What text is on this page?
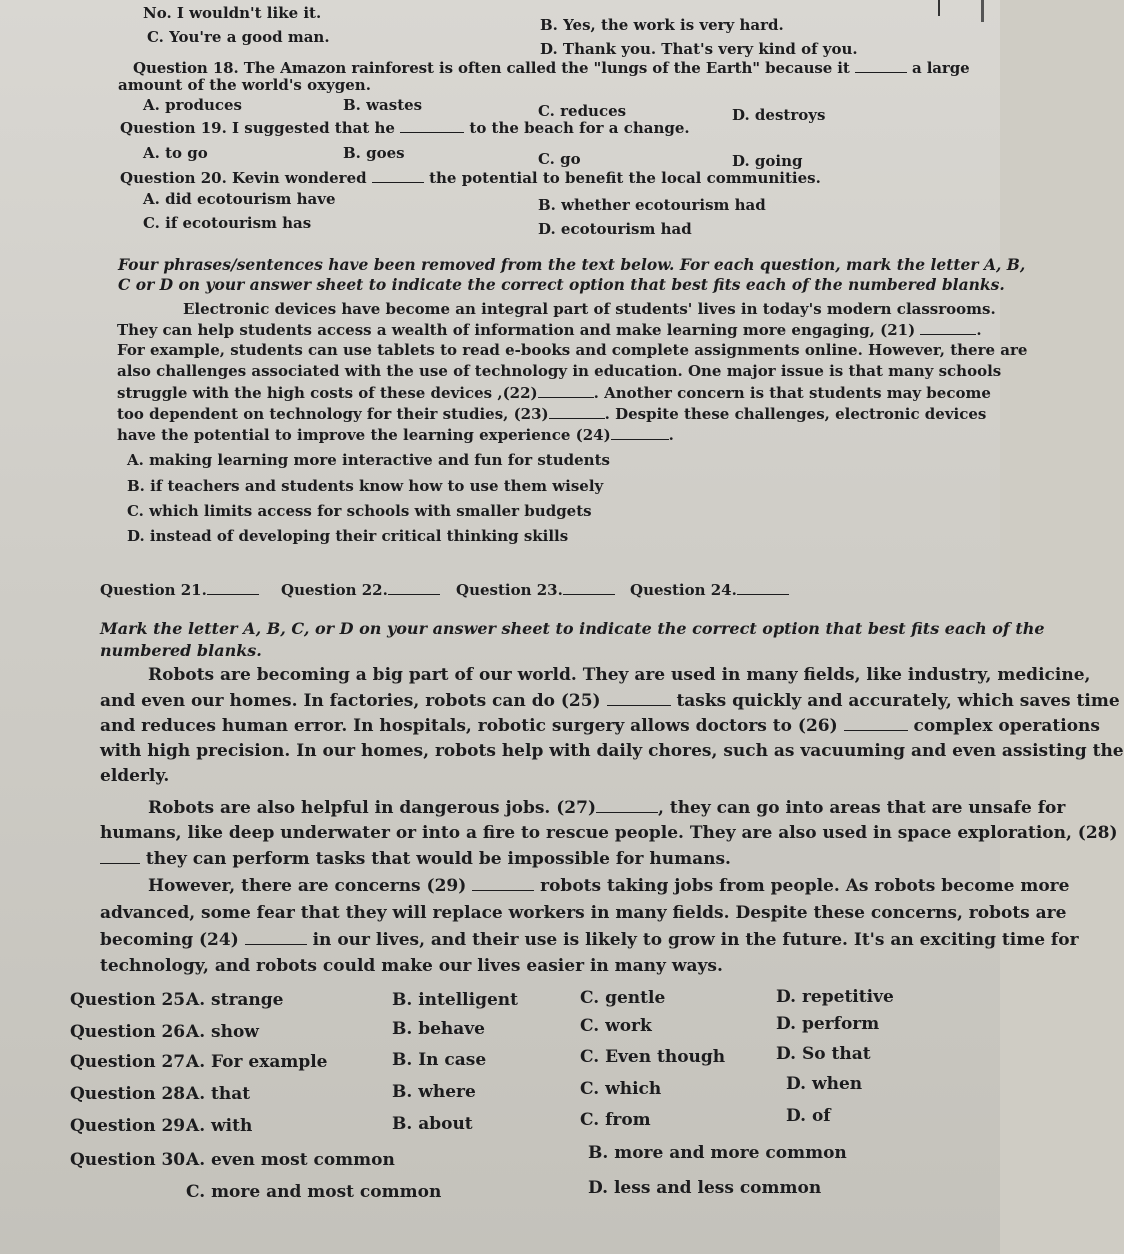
No. I wouldn't like it.
B. Yes, the work is very hard.
C. You're a good man.
D. Thank you. That's very kind of you.
Question 18. The Amazon rainforest is often called the "lungs of the Earth" because it	a large
amount of the world's oxygen.
A. produces	B. wastes	C. reduces	D. destroys
Question 19. I suggested that he	to the beach for a change.
A. to go	B. goes	C. go	D. going
Question 20. Kevin wondered	the potential to benefit the local communities.
A. did ecotourism have	B. whether ecotourism had
C. if ecotourism has	D. ecotourism had
Four phrases/sentences have been removed from the text below. For each question, mark the letter A, B,
C or D on your answer sheet to indicate the correct option that best fits each of the numbered blanks.
Electronic devices have become an integral part of students' lives in today's modern classrooms.
They can help students access a wealth of information and make learning more engaging, (21)	.
For example, students can use tablets to read e-books and complete assignments online. However, there are
also challenges associated with the use of technology in education. One major issue is that many schools
struggle with the high costs of these devices ,(22)	. Another concern is that students may become
too dependent on technology for their studies, (23)	. Despite these challenges, electronic devices
have the potential to improve the learning experience (24)	.
A. making learning more interactive and fun for students
B. if teachers and students know how to use them wisely
C. which limits access for schools with smaller budgets
D. instead of developing their critical thinking skills
Question 21.	Question 22.	Question 23.	Question 24.
Mark the letter A, B, C, or D on your answer sheet to indicate the correct option that best fits each of the
numbered blanks.
Robots are becoming a big part of our world. They are used in many fields, like industry, medicine,
and even our homes. In factories, robots can do (25)	tasks quickly and accurately, which saves time
and reduces human error. In hospitals, robotic surgery allows doctors to (26)	complex operations
with high precision. In our homes, robots help with daily chores, such as vacuuming and even assisting the
elderly.
Robots are also helpful in dangerous jobs. (27)	, they can go into areas that are unsafe for
humans, like deep underwater or into a fire to rescue people. They are also used in space exploration, (28)
they can perform tasks that would be impossible for humans.
However, there are concerns (29)	robots taking jobs from people. As robots become more
advanced, some fear that they will replace workers in many fields. Despite these concerns, robots are
becoming (24)	in our lives, and their use is likely to grow in the future. It's an exciting time for
technology, and robots could make our lives easier in many ways.
Question 25.
A. strange	B. intelligent	C. gentle	D. repetitive
Question 26.
A. show	B. behave	C. work	D. perform
Question 27.
A. For example	B. In case	C. Even though	D. So that
Question 28.
A. that	B. where	C. which	D. when
Question 29.
A. with	B. about	C. from	D. of
Question 30.
A. even most common	B. more and more common
C. more and most common	D. less and less common
